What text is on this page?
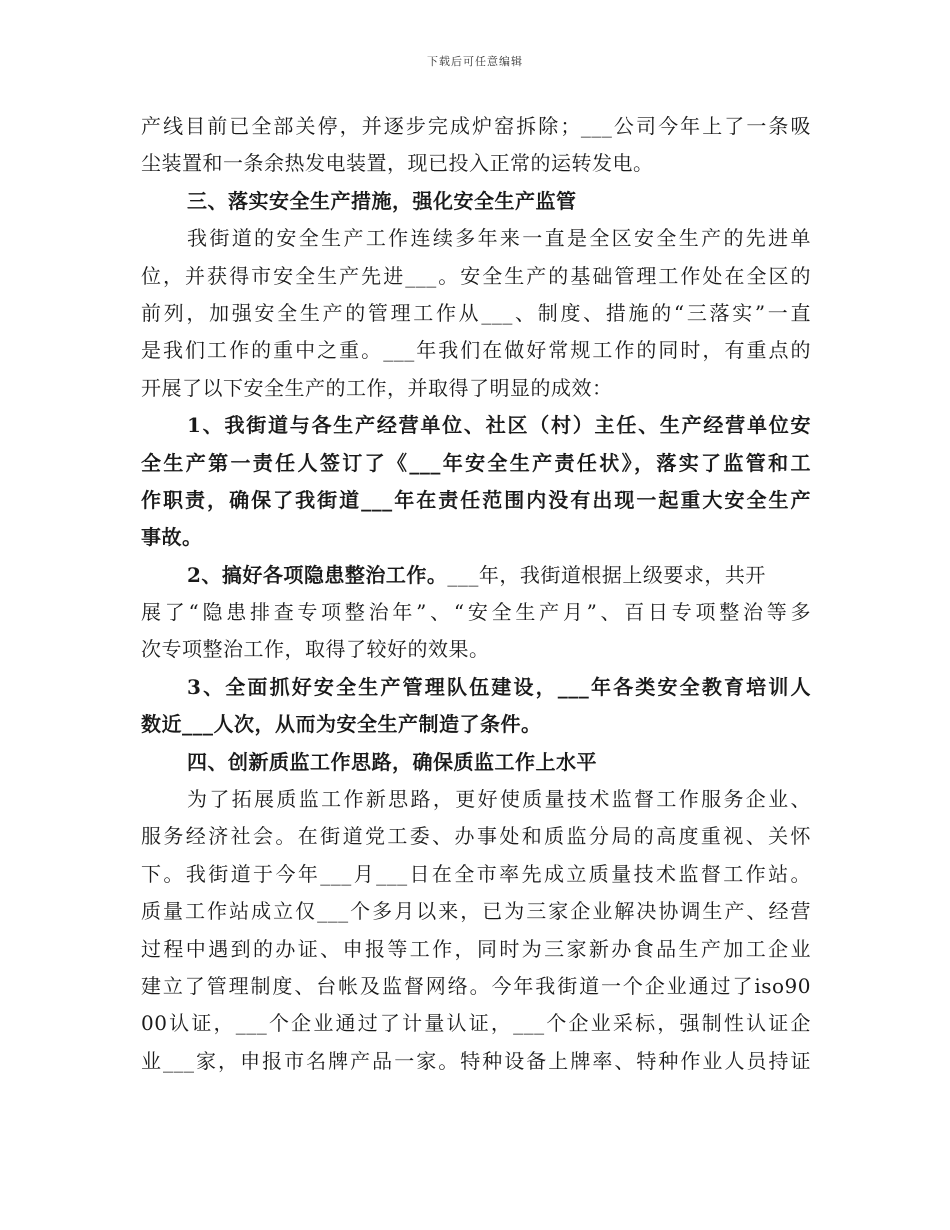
下载后可任意编辑
产线目前已全部关停，并逐步完成炉窑拆除；___公司今年上了一条吸
尘装置和一条余热发电装置，现已投入正常的运转发电。
三、落实安全生产措施，强化安全生产监管
我街道的安全生产工作连续多年来一直是全区安全生产的先进单
位，并获得市安全生产先进___。安全生产的基础管理工作处在全区的
前列，加强安全生产的管理工作从___、制度、措施的“三落实”一直
是我们工作的重中之重。___年我们在做好常规工作的同时，有重点的
开展了以下安全生产的工作，并取得了明显的成效：
1、我街道与各生产经营单位、社区（村）主任、生产经营单位安
全生产第一责任人签订了《___年安全生产责任状》，落实了监管和工
作职责，确保了我街道___年在责任范围内没有出现一起重大安全生产
事故。
2、搞好各项隐患整治工作。___年，我街道根据上级要求，共开
展了“隐患排查专项整治年”、“安全生产月”、百日专项整治等多
次专项整治工作，取得了较好的效果。
3、全面抓好安全生产管理队伍建设，___年各类安全教育培训人
数近___人次，从而为安全生产制造了条件。
四、创新质监工作思路，确保质监工作上水平
为了拓展质监工作新思路，更好使质量技术监督工作服务企业、
服务经济社会。在街道党工委、办事处和质监分局的高度重视、关怀
下。我街道于今年___月___日在全市率先成立质量技术监督工作站。
质量工作站成立仅___个多月以来，已为三家企业解决协调生产、经营
过程中遇到的办证、申报等工作，同时为三家新办食品生产加工企业
建立了管理制度、台帐及监督网络。今年我街道一个企业通过了iso90
00认证，___个企业通过了计量认证，___个企业采标，强制性认证企
业___家，申报市名牌产品一家。特种设备上牌率、特种作业人员持证
